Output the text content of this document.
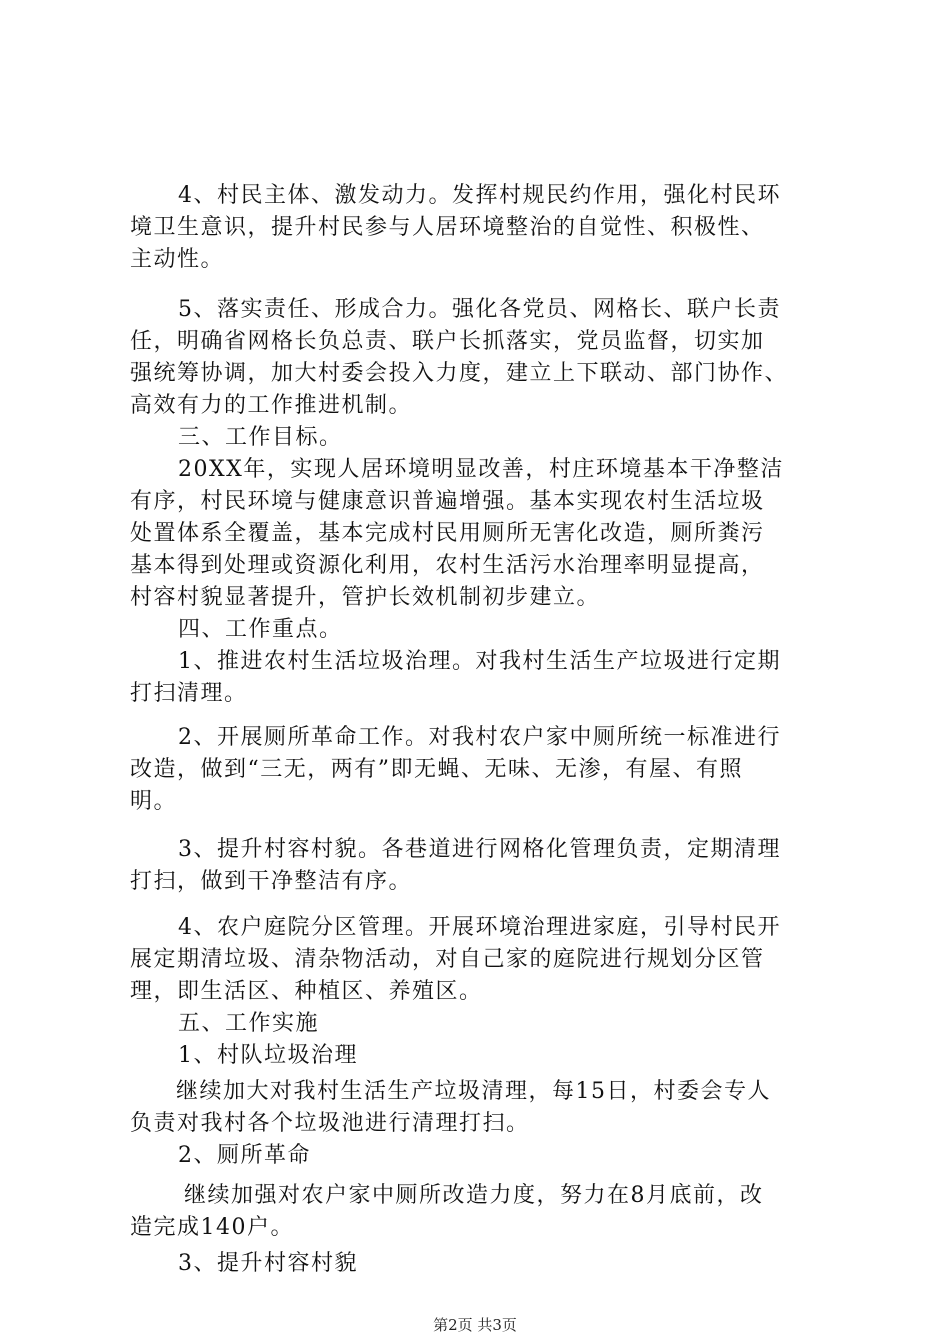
4、村民主体、激发动力。发挥村规民约作用，强化村民环
境卫生意识，提升村民参与人居环境整治的自觉性、积极性、
主动性。
5、落实责任、形成合力。强化各党员、网格长、联户长责
任，明确省网格长负总责、联户长抓落实，党员监督，切实加
强统筹协调，加大村委会投入力度，建立上下联动、部门协作、
高效有力的工作推进机制。
三、工作目标。
20XX年，实现人居环境明显改善，村庄环境基本干净整洁
有序，村民环境与健康意识普遍增强。基本实现农村生活垃圾
处置体系全覆盖，基本完成村民用厕所无害化改造，厕所粪污
基本得到处理或资源化利用，农村生活污水治理率明显提高，
村容村貌显著提升，管护长效机制初步建立。
四、工作重点。
1、推进农村生活垃圾治理。对我村生活生产垃圾进行定期
打扫清理。
2、开展厕所革命工作。对我村农户家中厕所统一标准进行
改造，做到“三无，两有”即无蝇、无味、无渗，有屋、有照
明。
3、提升村容村貌。各巷道进行网格化管理负责，定期清理
打扫，做到干净整洁有序。
4、农户庭院分区管理。开展环境治理进家庭，引导村民开
展定期清垃圾、清杂物活动，对自己家的庭院进行规划分区管
理，即生活区、种植区、养殖区。
五、工作实施
1、村队垃圾治理
继续加大对我村生活生产垃圾清理，每15日，村委会专人
负责对我村各个垃圾池进行清理打扫。
2、厕所革命
继续加强对农户家中厕所改造力度，努力在8月底前，改
造完成140户。
3、提升村容村貌
第2页 共3页
